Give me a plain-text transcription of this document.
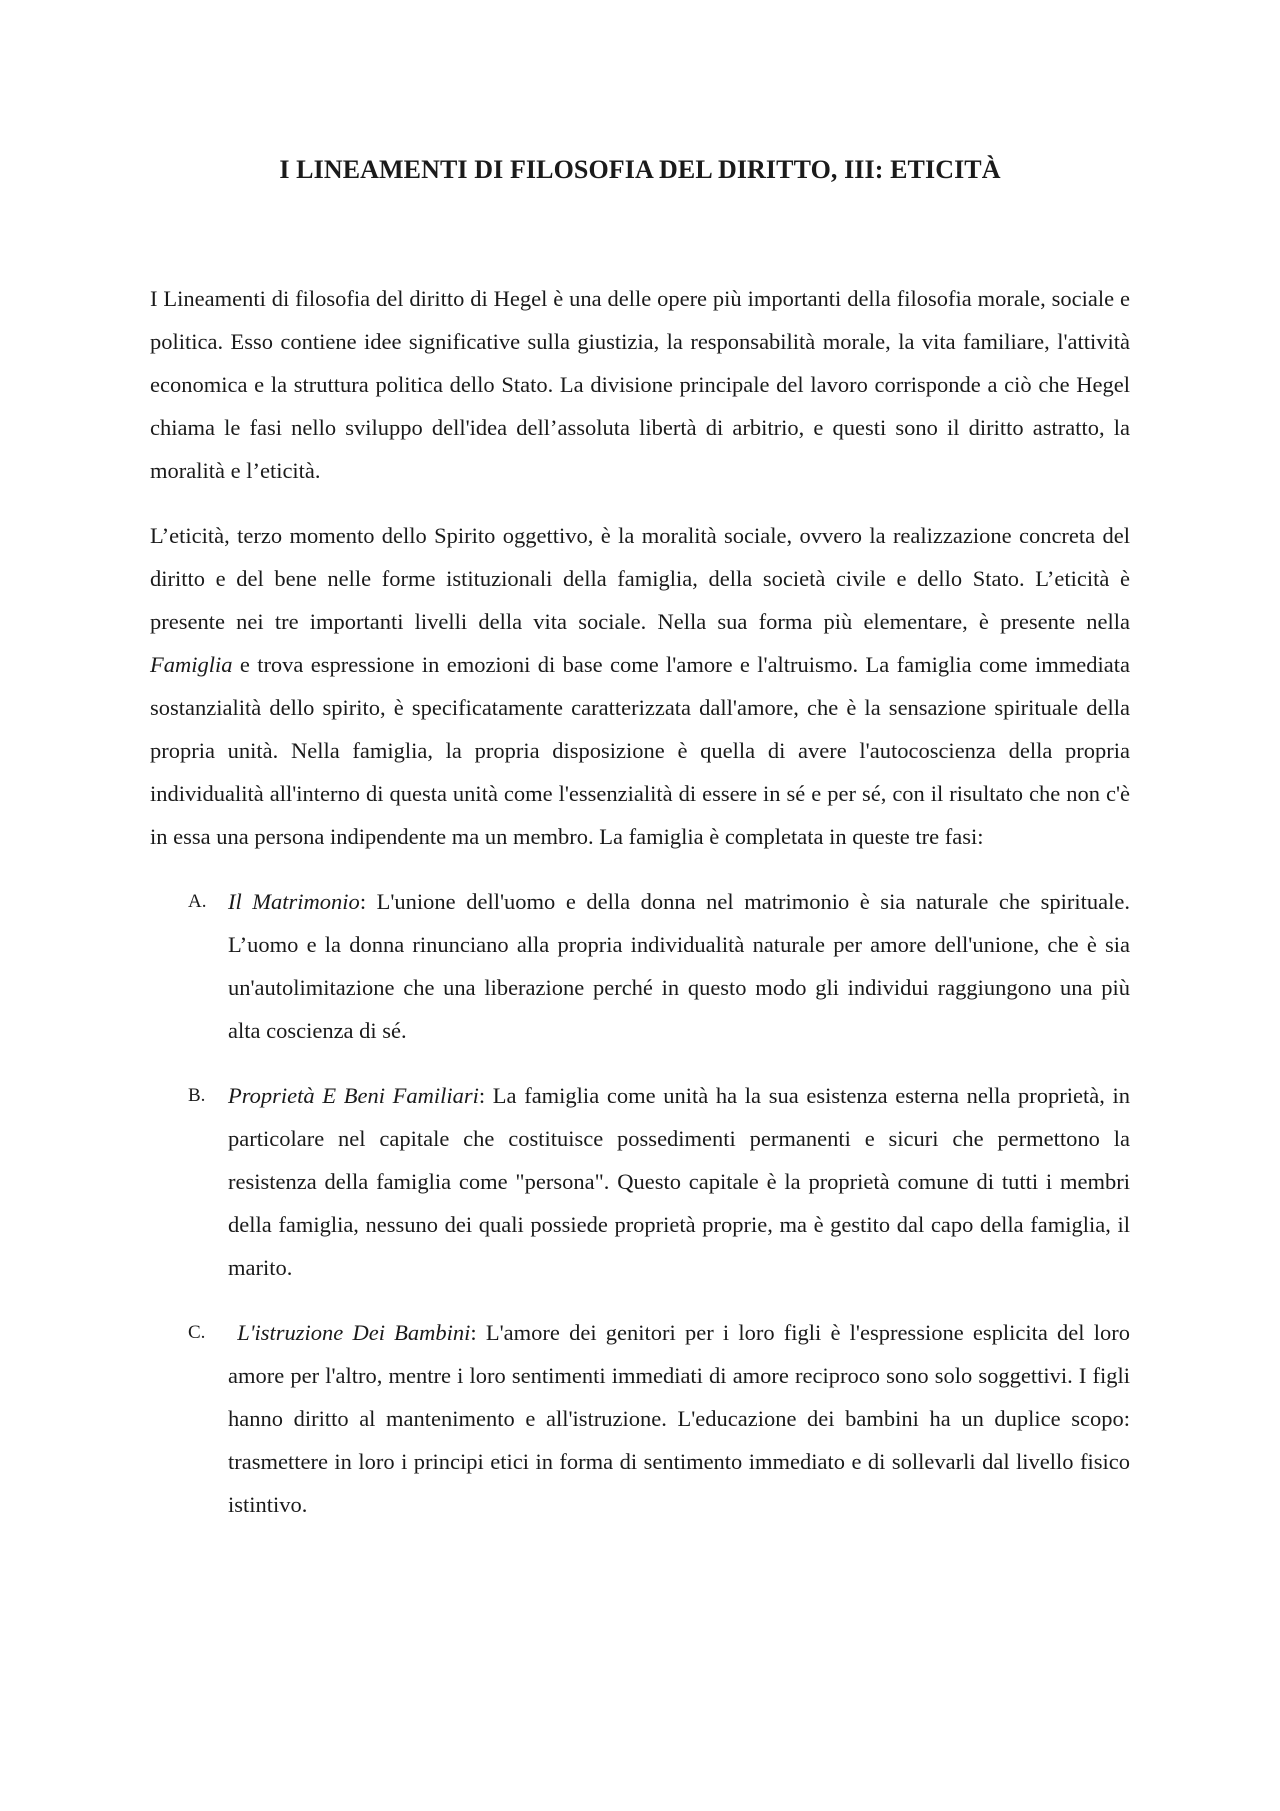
I LINEAMENTI DI FILOSOFIA DEL DIRITTO, III: ETICITÀ

I Lineamenti di filosofia del diritto di Hegel è una delle opere più importanti della filosofia morale, sociale e politica. Esso contiene idee significative sulla giustizia, la responsabilità morale, la vita familiare, l'attività economica e la struttura politica dello Stato. La divisione principale del lavoro corrisponde a ciò che Hegel chiama le fasi nello sviluppo dell'idea dell’assoluta libertà di arbitrio, e questi sono il diritto astratto, la moralità e l’eticità.

L’eticità, terzo momento dello Spirito oggettivo, è la moralità sociale, ovvero la realizzazione concreta del diritto e del bene nelle forme istituzionali della famiglia, della società civile e dello Stato. L’eticità è presente nei tre importanti livelli della vita sociale. Nella sua forma più elementare, è presente nella Famiglia e trova espressione in emozioni di base come l'amore e l'altruismo. La famiglia come immediata sostanzialità dello spirito, è specificatamente caratterizzata dall'amore, che è la sensazione spirituale della propria unità. Nella famiglia, la propria disposizione è quella di avere l'autocoscienza della propria individualità all'interno di questa unità come l'essenzialità di essere in sé e per sé, con il risultato che non c'è in essa una persona indipendente ma un membro. La famiglia è completata in queste tre fasi:

A. Il Matrimonio: L'unione dell'uomo e della donna nel matrimonio è sia naturale che spirituale. L’uomo e la donna rinunciano alla propria individualità naturale per amore dell'unione, che è sia un'autolimitazione che una liberazione perché in questo modo gli individui raggiungono una più alta coscienza di sé.
B. Proprietà E Beni Familiari: La famiglia come unità ha la sua esistenza esterna nella proprietà, in particolare nel capitale che costituisce possedimenti permanenti e sicuri che permettono la resistenza della famiglia come "persona". Questo capitale è la proprietà comune di tutti i membri della famiglia, nessuno dei quali possiede proprietà proprie, ma è gestito dal capo della famiglia, il marito.
C. L'istruzione Dei Bambini: L'amore dei genitori per i loro figli è l'espressione esplicita del loro amore per l'altro, mentre i loro sentimenti immediati di amore reciproco sono solo soggettivi. I figli hanno diritto al mantenimento e all'istruzione. L'educazione dei bambini ha un duplice scopo: trasmettere in loro i principi etici in forma di sentimento immediato e di sollevarli dal livello fisico istintivo.
